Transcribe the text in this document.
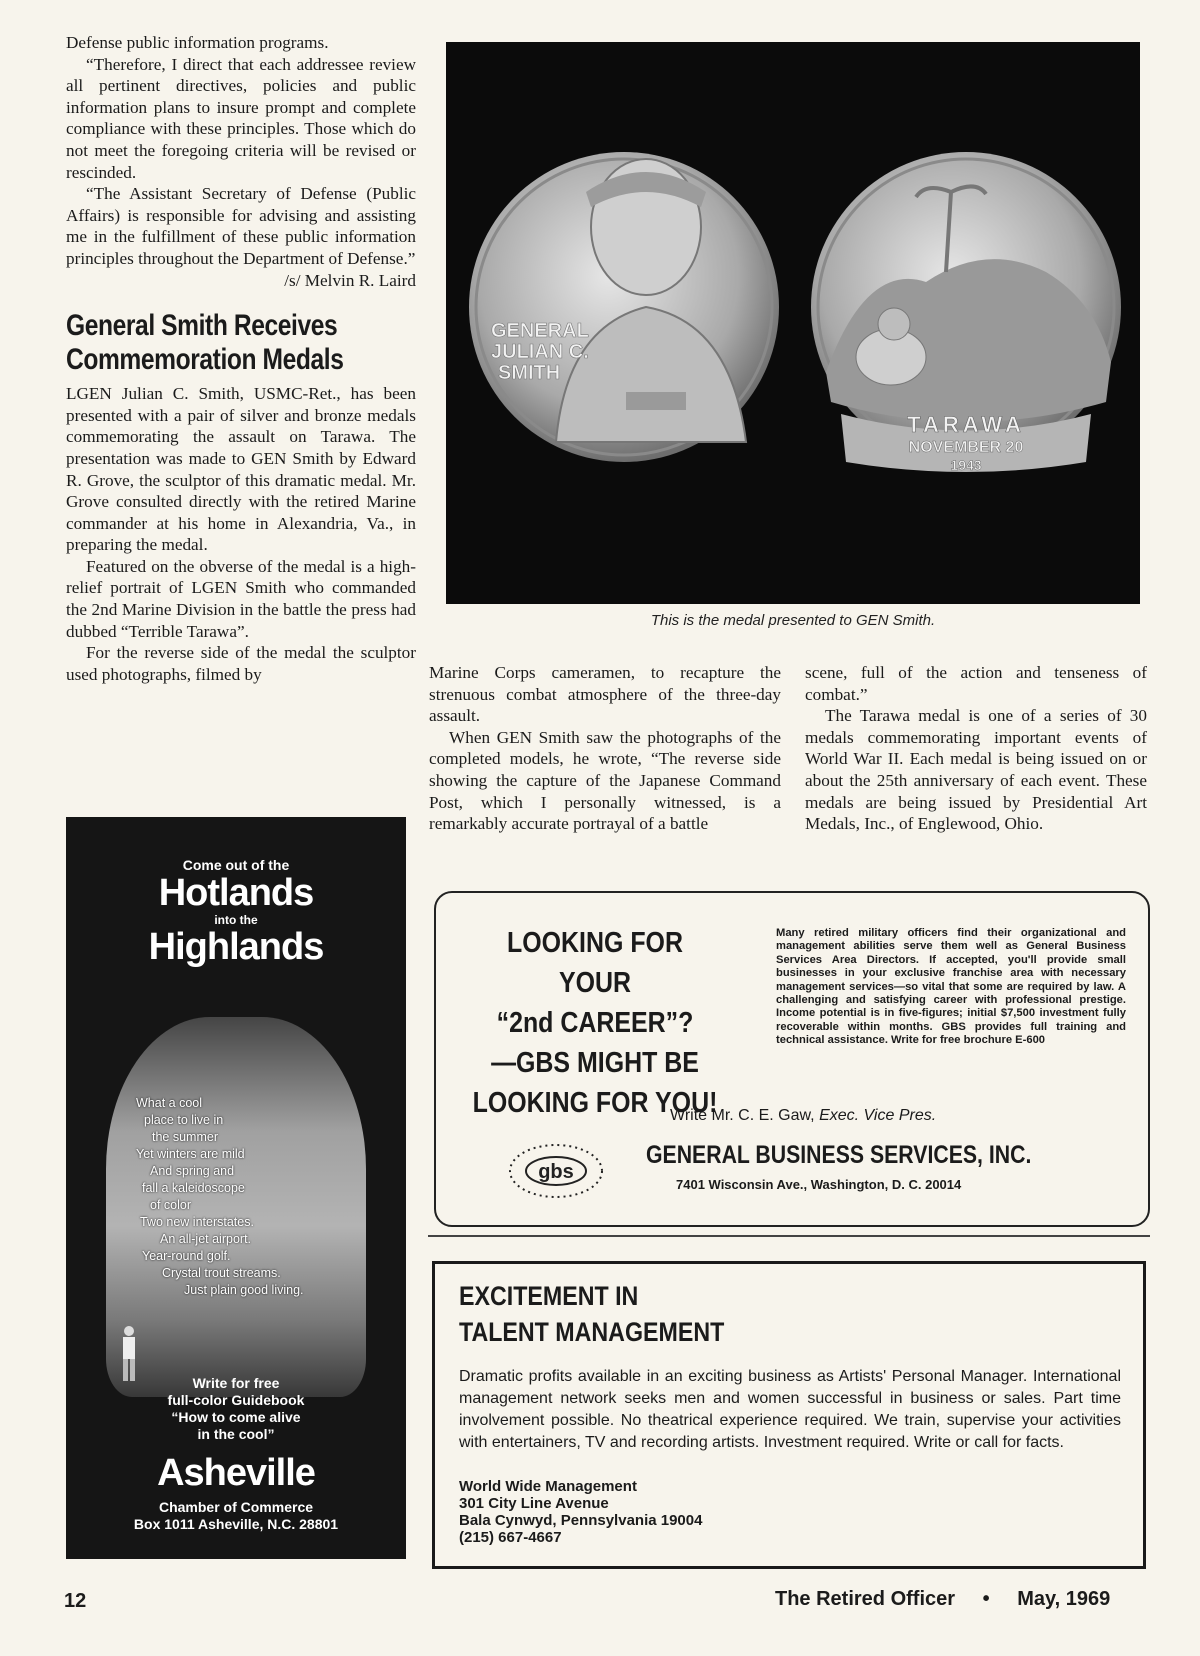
Defense public information programs.

“Therefore, I direct that each addressee review all pertinent directives, policies and public information plans to insure prompt and complete compliance with these principles. Those which do not meet the foregoing criteria will be revised or rescinded.

“The Assistant Secretary of Defense (Public Affairs) is responsible for advising and assisting me in the fulfillment of these public information principles throughout the Department of Defense.”

/s/ Melvin R. Laird

General Smith Receives
Commemoration Medals

LGEN Julian C. Smith, USMC-Ret., has been presented with a pair of silver and bronze medals commemorating the assault on Tarawa. The presentation was made to GEN Smith by Edward R. Grove, the sculptor of this dramatic medal. Mr. Grove consulted directly with the retired Marine commander at his home in Alexandria, Va., in preparing the medal.

Featured on the obverse of the medal is a high-relief portrait of LGEN Smith who commanded the 2nd Marine Division in the battle the press had dubbed “Terrible Tarawa”.

For the reverse side of the medal the sculptor used photographs, filmed by

GENERAL
JULIAN C.
SMITH
TARAWA
NOVEMBER 20
1943
This is the medal presented to GEN Smith.

Marine Corps cameramen, to recapture the strenuous combat atmosphere of the three-day assault.

When GEN Smith saw the photographs of the completed models, he wrote, “The reverse side showing the capture of the Japanese Command Post, which I personally witnessed, is a remarkably accurate portrayal of a battle

scene, full of the action and tenseness of combat.”

The Tarawa medal is one of a series of 30 medals commemorating important events of World War II. Each medal is being issued on or about the 25th anniversary of each event. These medals are being issued by Presidential Art Medals, Inc., of Englewood, Ohio.

Come out of the
Hotlands
into the
Highlands
What a cool
place to live in
the summer
Yet winters are mild
And spring and
fall a kaleidoscope
of color
Two new interstates.
An all-jet airport.
Year-round golf.
Crystal trout streams.
Just plain good living.
Write for free
full-color Guidebook
“How to come alive
in the cool”
Asheville
Chamber of Commerce
Box 1011 Asheville, N.C. 28801
LOOKING FOR YOUR
“2nd CAREER”?
—GBS MIGHT BE
LOOKING FOR YOU!
Many retired military officers find their organizational and management abilities serve them well as General Business Services Area Directors. If accepted, you'll provide small businesses in your exclusive franchise area with necessary management services—so vital that some are required by law. A challenging and satisfying career with professional prestige. Income potential is in five-figures; initial $7,500 investment fully recoverable within months. GBS provides full training and technical assistance. Write for free brochure E-600
Write Mr. C. E. Gaw, Exec. Vice Pres.
gbs
GENERAL BUSINESS SERVICES, INC.
7401 Wisconsin Ave., Washington, D. C. 20014
EXCITEMENT IN
TALENT MANAGEMENT
Dramatic profits available in an exciting business as Artists' Personal Manager. International management network seeks men and women successful in business or sales. Part time involvement possible. No theatrical experience required. We train, supervise your activities with entertainers, TV and recording artists. Investment required. Write or call for facts.
World Wide Management
301 City Line Avenue
Bala Cynwyd, Pennsylvania 19004
(215) 667-4667
12	The Retired Officer • May, 1969
